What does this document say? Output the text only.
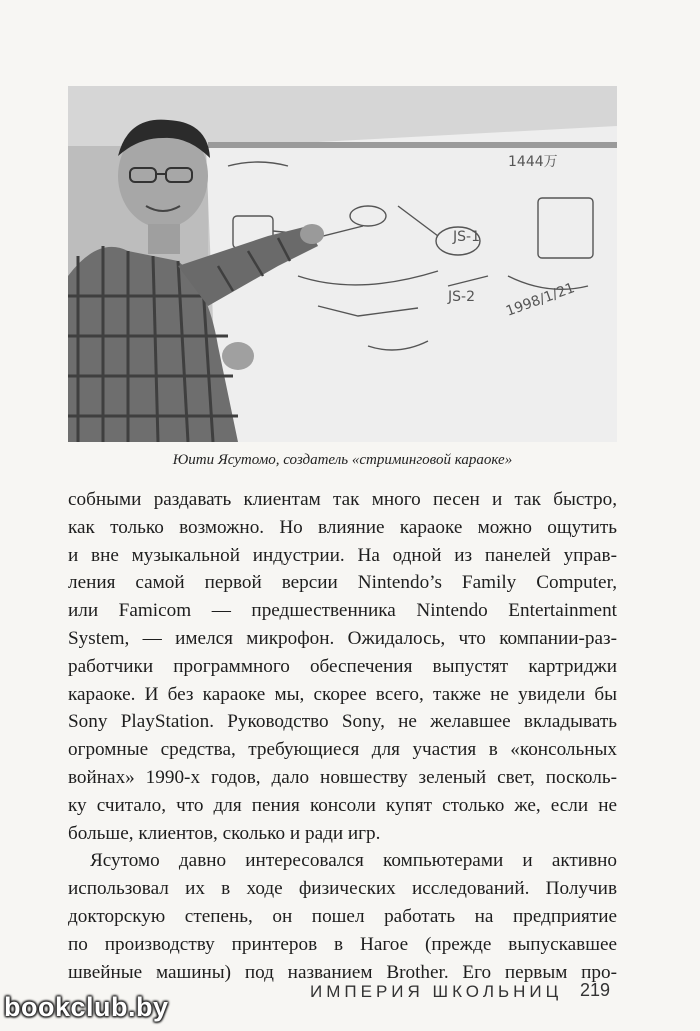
1444万
JS-1
JS-2 1998/1/21
Юити Ясутомо, создатель «стриминговой караоке»
собными раздавать клиентам так много песен и так быстро,
как только возможно. Но влияние караоке можно ощутить
и вне музыкальной индустрии. На одной из панелей управ-
ления самой первой версии Nintendo’s Family Computer,
или Famicom — предшественника Nintendo Entertainment
System, — имелся микрофон. Ожидалось, что компании-раз-
работчики программного обеспечения выпустят картриджи
караоке. И без караоке мы, скорее всего, также не увидели бы
Sony PlayStation. Руководство Sony, не желавшее вкладывать
огромные средства, требующиеся для участия в «консольных
войнах» 1990-х годов, дало новшеству зеленый свет, посколь-
ку считало, что для пения консоли купят столько же, если не
больше, клиентов, сколько и ради игр.
Ясутомо давно интересовался компьютерами и активно
использовал их в ходе физических исследований. Получив
докторскую степень, он пошел работать на предприятие
по производству принтеров в Нагое (прежде выпускавшее
швейные машины) под названием Brother. Его первым про-
ИМПЕРИЯ ШКОЛЬНИЦ 219
bookclub.by
